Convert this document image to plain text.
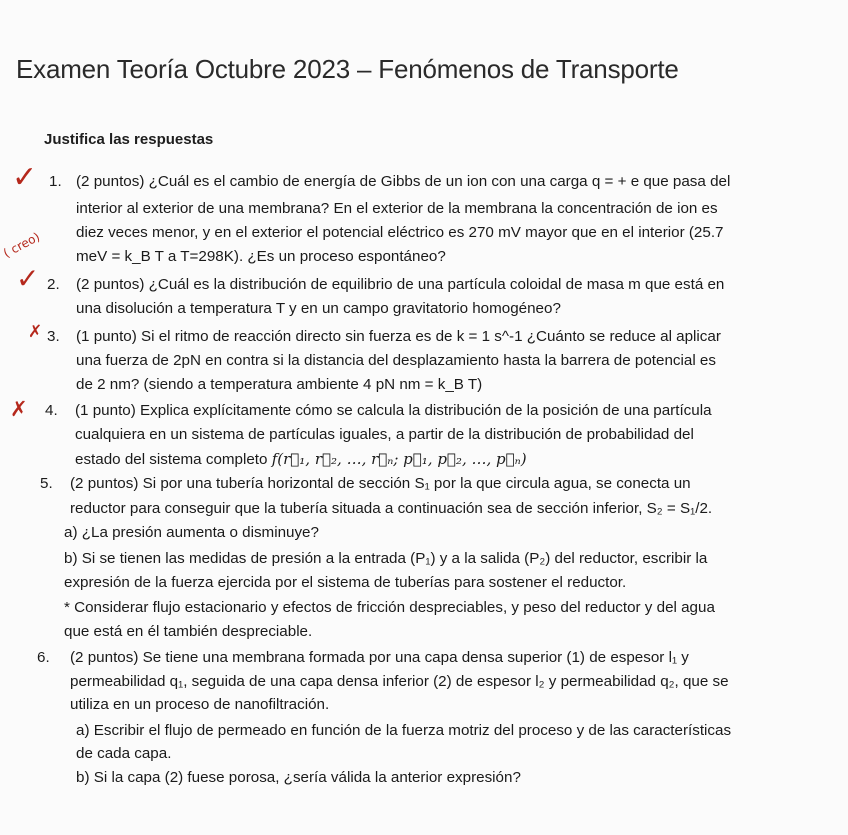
Examen Teoría Octubre 2023 – Fenómenos de Transporte
Justifica las respuestas
✓
( creo)
✓
✗
✗
1. (2 puntos) ¿Cuál es el cambio de energía de Gibbs de un ion con una carga q = + e que pasa del
interior al exterior de una membrana? En el exterior de la membrana la concentración de ion es
diez veces menor, y en el exterior el potencial eléctrico es 270 mV mayor que en el interior (25.7
meV = k_B T a T=298K). ¿Es un proceso espontáneo?
2. (2 puntos) ¿Cuál es la distribución de equilibrio de una partícula coloidal de masa m que está en
una disolución a temperatura T y en un campo gravitatorio homogéneo?
3. (1 punto) Si el ritmo de reacción directo sin fuerza es de k = 1 s^-1 ¿Cuánto se reduce al aplicar
una fuerza de 2pN en contra si la distancia del desplazamiento hasta la barrera de potencial es
de 2 nm? (siendo a temperatura ambiente 4 pN nm = k_B T)
4. (1 punto) Explica explícitamente cómo se calcula la distribución de la posición de una partícula
cualquiera en un sistema de partículas iguales, a partir de la distribución de probabilidad del
estado del sistema completo f(r⃗₁, r⃗₂, …, r⃗ₙ; p⃗₁, p⃗₂, …, p⃗ₙ)
5. (2 puntos) Si por una tubería horizontal de sección S₁ por la que circula agua, se conecta un
reductor para conseguir que la tubería situada a continuación sea de sección inferior, S₂ = S₁/2.
a) ¿La presión aumenta o disminuye?
b) Si se tienen las medidas de presión a la entrada (P₁) y a la salida (P₂) del reductor, escribir la
expresión de la fuerza ejercida por el sistema de tuberías para sostener el reductor.
* Considerar flujo estacionario y efectos de fricción despreciables, y peso del reductor y del agua
que está en él también despreciable.
6. (2 puntos) Se tiene una membrana formada por una capa densa superior (1) de espesor l₁ y
permeabilidad q₁, seguida de una capa densa inferior (2) de espesor l₂ y permeabilidad q₂, que se
utiliza en un proceso de nanofiltración.
a) Escribir el flujo de permeado en función de la fuerza motriz del proceso y de las características
de cada capa.
b) Si la capa (2) fuese porosa, ¿sería válida la anterior expresión?
